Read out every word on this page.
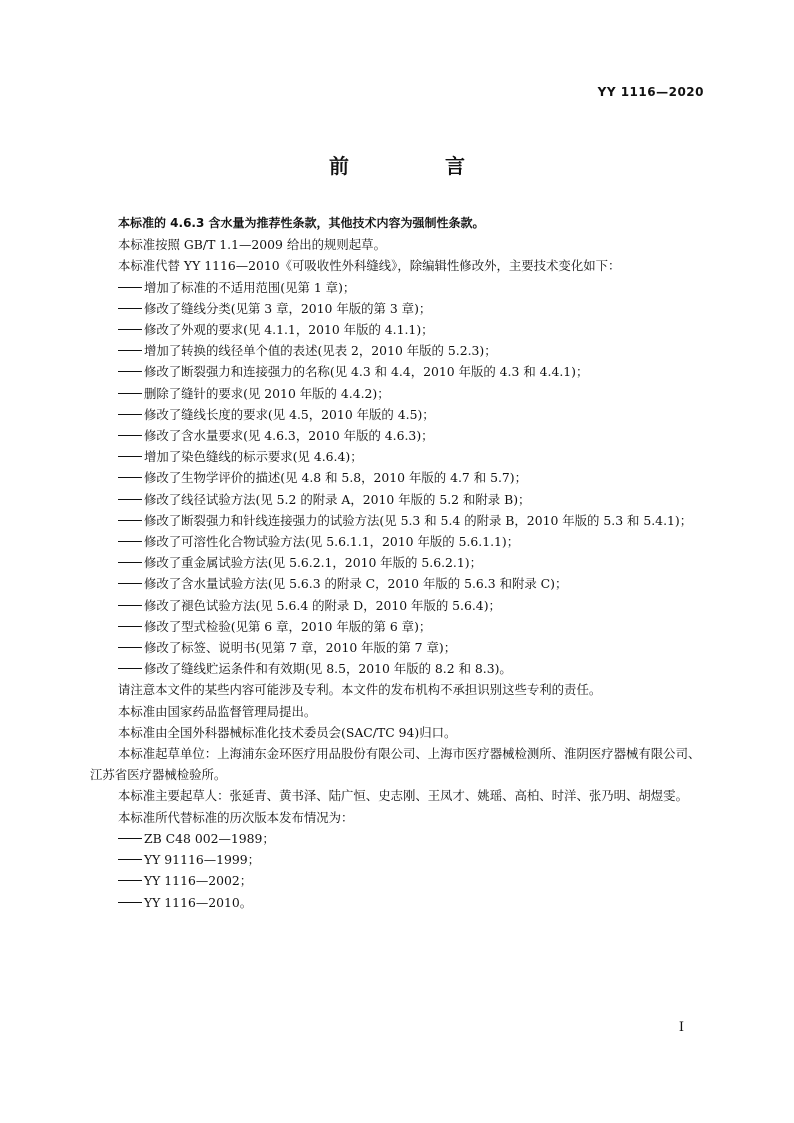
YY 1116—2020
前　言

本标准的 4.6.3 含水量为推荐性条款，其他技术内容为强制性条款。

本标准按照 GB/T 1.1—2009 给出的规则起草。

本标准代替 YY 1116—2010《可吸收性外科缝线》，除编辑性修改外，主要技术变化如下：

增加了标准的不适用范围(见第 1 章)；

修改了缝线分类(见第 3 章，2010 年版的第 3 章)；

修改了外观的要求(见 4.1.1，2010 年版的 4.1.1)；

增加了转换的线径单个值的表述(见表 2，2010 年版的 5.2.3)；

修改了断裂强力和连接强力的名称(见 4.3 和 4.4，2010 年版的 4.3 和 4.4.1)；

删除了缝针的要求(见 2010 年版的 4.4.2)；

修改了缝线长度的要求(见 4.5，2010 年版的 4.5)；

修改了含水量要求(见 4.6.3，2010 年版的 4.6.3)；

增加了染色缝线的标示要求(见 4.6.4)；

修改了生物学评价的描述(见 4.8 和 5.8，2010 年版的 4.7 和 5.7)；

修改了线径试验方法(见 5.2 的附录 A，2010 年版的 5.2 和附录 B)；

修改了断裂强力和针线连接强力的试验方法(见 5.3 和 5.4 的附录 B，2010 年版的 5.3 和 5.4.1)；

修改了可溶性化合物试验方法(见 5.6.1.1，2010 年版的 5.6.1.1)；

修改了重金属试验方法(见 5.6.2.1，2010 年版的 5.6.2.1)；

修改了含水量试验方法(见 5.6.3 的附录 C，2010 年版的 5.6.3 和附录 C)；

修改了褪色试验方法(见 5.6.4 的附录 D，2010 年版的 5.6.4)；

修改了型式检验(见第 6 章，2010 年版的第 6 章)；

修改了标签、说明书(见第 7 章，2010 年版的第 7 章)；

修改了缝线贮运条件和有效期(见 8.5，2010 年版的 8.2 和 8.3)。

请注意本文件的某些内容可能涉及专利。本文件的发布机构不承担识别这些专利的责任。

本标准由国家药品监督管理局提出。

本标准由全国外科器械标准化技术委员会(SAC/TC 94)归口。

本标准起草单位：上海浦东金环医疗用品股份有限公司、上海市医疗器械检测所、淮阴医疗器械有限公司、江苏省医疗器械检验所。

本标准主要起草人：张延青、黄书泽、陆广恒、史志刚、王凤才、姚瑶、高柏、时洋、张乃明、胡煜雯。

本标准所代替标准的历次版本发布情况为：

ZB C48 002—1989；

YY 91116—1999；

YY 1116—2002；

YY 1116—2010。

I
